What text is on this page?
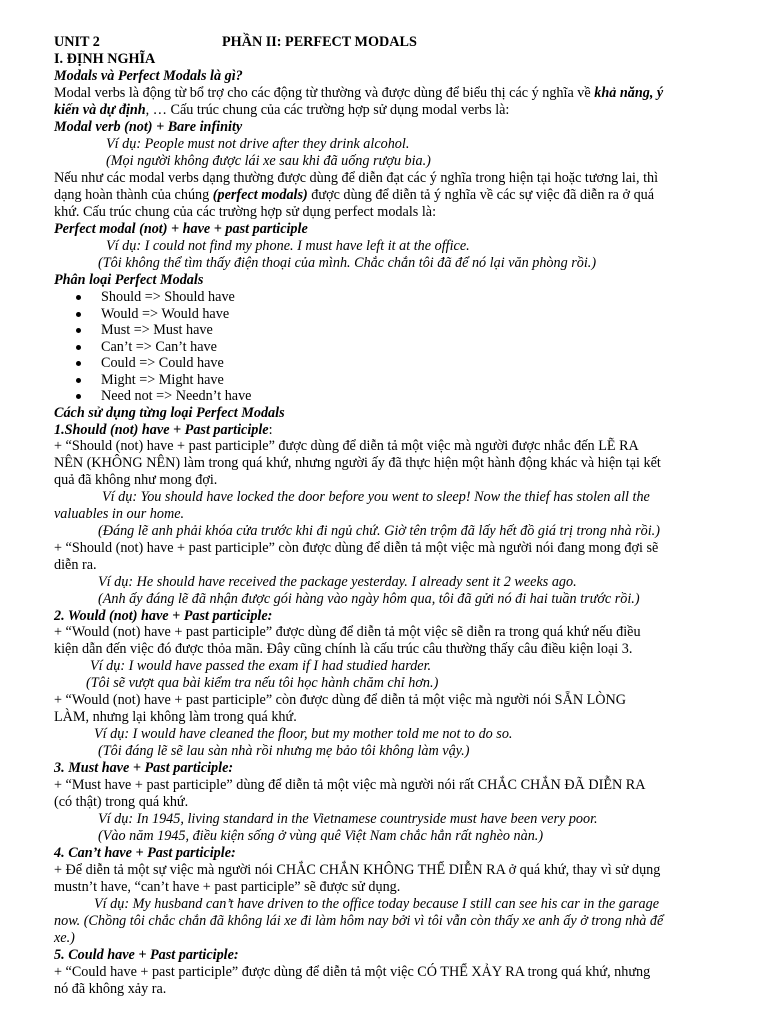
UNIT 2	PHẦN II: PERFECT MODALS
I. ĐỊNH NGHĨA
Modals và Perfect Modals là gì?
Modal verbs là động từ bổ trợ cho các động từ thường và được dùng để biểu thị các ý nghĩa về khả năng, ý
kiến và dự định, … Cấu trúc chung của các trường hợp sử dụng modal verbs là:
Modal verb (not) + Bare infinity
Ví dụ: People must not drive after they drink alcohol.
(Mọi người không được lái xe sau khi đã uống rượu bia.)
Nếu như các modal verbs dạng thường được dùng để diễn đạt các ý nghĩa trong hiện tại hoặc tương lai, thì
dạng hoàn thành của chúng (perfect modals) được dùng để diễn tả ý nghĩa về các sự việc đã diễn ra ở quá
khứ. Cấu trúc chung của các trường hợp sử dụng perfect modals là:
Perfect modal (not) + have + past participle
Ví dụ: I could not find my phone. I must have left it at the office.
(Tôi không thể tìm thấy điện thoại của mình. Chắc chắn tôi đã để nó lại văn phòng rồi.)
Phân loại Perfect Modals
Should => Should have
Would => Would have
Must => Must have
Can’t => Can’t have
Could => Could have
Might => Might have
Need not => Needn’t have
Cách sử dụng từng loại Perfect Modals
1.Should (not) have + Past participle:
+ “Should (not) have + past participle” được dùng để diễn tả một việc mà người được nhắc đến LẼ RA
NÊN (KHÔNG NÊN) làm trong quá khứ, nhưng người ấy đã thực hiện một hành động khác và hiện tại kết
quả đã không như mong đợi.
Ví dụ: You should have locked the door before you went to sleep! Now the thief has stolen all the
valuables in our home.
(Đáng lẽ anh phải khóa cửa trước khi đi ngủ chứ. Giờ tên trộm đã lấy hết đồ giá trị trong nhà rồi.)
+ “Should (not) have + past participle” còn được dùng để diễn tả một việc mà người nói đang mong đợi sẽ
diễn ra.
Ví dụ: He should have received the package yesterday. I already sent it 2 weeks ago.
(Anh ấy đáng lẽ đã nhận được gói hàng vào ngày hôm qua, tôi đã gửi nó đi hai tuần trước rồi.)
2. Would (not) have + Past participle:
+ “Would (not) have + past participle” được dùng để diễn tả một việc sẽ diễn ra trong quá khứ nếu điều
kiện dẫn đến việc đó được thỏa mãn. Đây cũng chính là cấu trúc câu thường thấy câu điều kiện loại 3.
Ví dụ: I would have passed the exam if I had studied harder.
(Tôi sẽ vượt qua bài kiểm tra nếu tôi học hành chăm chỉ hơn.)
+ “Would (not) have + past participle” còn được dùng để diễn tả một việc mà người nói SẴN LÒNG
LÀM, nhưng lại không làm trong quá khứ.
Ví dụ: I would have cleaned the floor, but my mother told me not to do so.
(Tôi đáng lẽ sẽ lau sàn nhà rồi nhưng mẹ bảo tôi không làm vậy.)
3. Must have + Past participle:
+ “Must have + past participle” dùng để diễn tả một việc mà người nói rất CHẮC CHẮN ĐÃ DIỄN RA
(có thật) trong quá khứ.
Ví dụ: In 1945, living standard in the Vietnamese countryside must have been very poor.
(Vào năm 1945, điều kiện sống ở vùng quê Việt Nam chắc hẳn rất nghèo nàn.)
4. Can’t have + Past participle:
+ Để diễn tả một sự việc mà người nói CHẮC CHẮN KHÔNG THỂ DIỄN RA ở quá khứ, thay vì sử dụng
mustn’t have, “can’t have + past participle” sẽ được sử dụng.
Ví dụ: My husband can’t have driven to the office today because I still can see his car in the garage
now. (Chồng tôi chắc chắn đã không lái xe đi làm hôm nay bởi vì tôi vẫn còn thấy xe anh ấy ở trong nhà để
xe.)
5. Could have + Past participle:
+ “Could have + past participle” được dùng để diễn tả một việc CÓ THỂ XẢY RA trong quá khứ, nhưng
nó đã không xảy ra.
